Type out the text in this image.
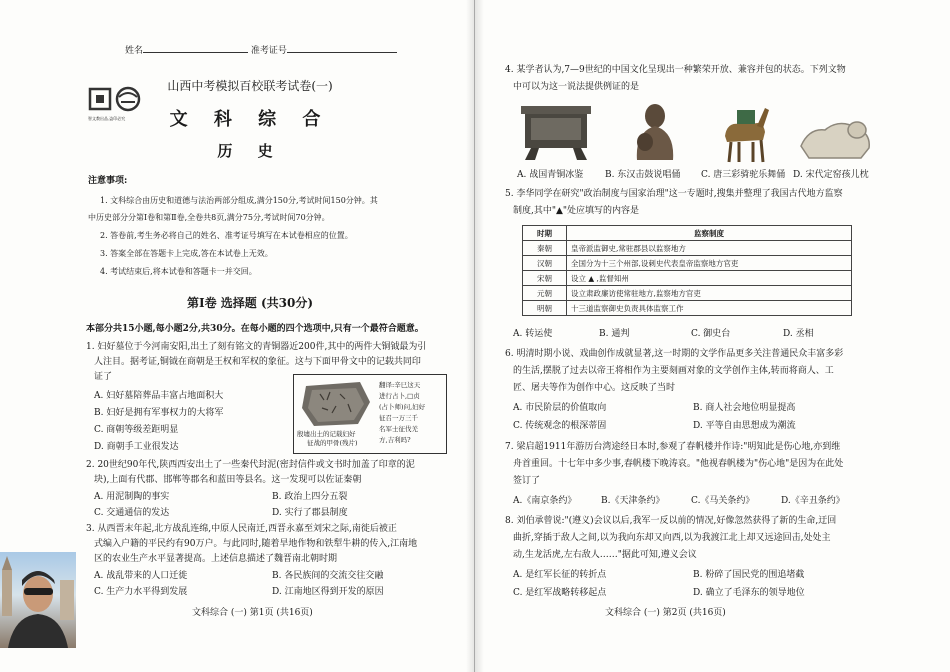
姓名	准考证号
智文教出品,盗印必究
山西中考模拟百校联考试卷(一)
文 科 综 合
历 史
注意事项:
1. 文科综合由历史和道德与法治两部分组成,满分150分,考试时间150分钟。其
中历史部分分第Ⅰ卷和第Ⅱ卷,全卷共8页,满分75分,考试时间70分钟。
2. 答卷前,考生务必将自己的姓名、准考证号填写在本试卷相应的位置。
3. 答案全部在答题卡上完成,答在本试卷上无效。
4. 考试结束后,将本试卷和答题卡一并交回。
第Ⅰ卷 选择题 (共30分)
本部分共15小题,每小题2分,共30分。在每小题的四个选项中,只有一个最符合题意。
1. 妇好墓位于今河南安阳,出土了刻有铭文的青铜器近200件,其中的两件大铜钺最为引
人注目。据考证,铜钺在商朝是王权和军权的象征。这与下面甲骨文中的记载共同印
证了
A. 妇好墓陪葬品丰富占地面积大
B. 妇好是拥有军事权力的大将军
C. 商朝等级差距明显
D. 商朝手工业很发达
殷墟出土的记载妇好
征战的甲骨(残片)
翻译:辛巳这天
进行占卜,□贞
(占卜师)问,妇好
征召一万三千
名军士征伐羌
方,吉利吗?
2. 20世纪90年代,陕西西安出土了一些秦代封泥(密封信件或文书时加盖了印章的泥
块),上面有代郡、邯郸等郡名和蓝田等县名。这一发现可以佐证秦朝
A. 用泥制陶的事实	B. 政治上四分五裂
C. 交通通信的发达	D. 实行了郡县制度
3. 从西晋末年起,北方战乱连绵,中原人民南迁,西晋永嘉至刘宋之际,南徙后被正
式编入户籍的平民约有90万户。与此同时,随着旱地作物和铁犁牛耕的传入,江南地
区的农业生产水平显著提高。上述信息描述了魏晋南北朝时期
A. 战乱带来的人口迁徙	B. 各民族间的交流交往交融
C. 生产力水平得到发展	D. 江南地区得到开发的原因
文科综合 (一) 第1页 (共16页)
4. 某学者认为,7—9世纪的中国文化呈现出一种繁荣开放、兼容并包的状态。下列文物
中可以为这一说法提供例证的是
A. 战国青铜冰鉴 B. 东汉击鼓说唱俑 C. 唐三彩骑驼乐舞俑 D. 宋代定窑孩儿枕
5. 李华同学在研究"政治制度与国家治理"这一专题时,搜集并整理了我国古代地方监察
制度,其中"▲"处应填写的内容是
时期	监察制度
秦朝	皇帝派监御史,常驻郡县以监察地方
汉朝	全国分为十三个州部,设刺史代表皇帝监察地方官吏
宋朝	设立 ▲ ,监督知州
元朝	设立肃政廉访使常驻地方,监察地方官吏
明朝	十三道监察御史负责具体监察工作
A. 转运使	B. 通判	C. 御史台	D. 丞相
6. 明清时期小说、戏曲创作成就显著,这一时期的文学作品更多关注普通民众丰富多彩
的生活,摆脱了过去以帝王将相作为主要刻画对象的文学创作主体,转而将商人、工
匠、屠夫等作为创作中心。这反映了当时
A. 市民阶层的价值取向	B. 商人社会地位明显提高
C. 传统观念的根深蒂固	D. 平等自由思想成为潮流
7. 梁启超1911年游历台湾途经日本时,参观了春帆楼并作诗:"明知此是伤心地,亦到维
舟首重回。十七年中多少事,春帆楼下晚涛哀。"他视春帆楼为"伤心地"是因为在此处
签订了
A.《南京条约》	B.《天津条约》	C.《马关条约》	D.《辛丑条约》
8. 刘伯承曾说:"(遵义)会议以后,我军一反以前的情况,好像忽然获得了新的生命,迂回
曲折,穿插于敌人之间,以为我向东却又向西,以为我渡江北上却又远途回击,处处主
动,生龙活虎,左右敌人……"据此可知,遵义会议
A. 是红军长征的转折点	B. 粉碎了国民党的围追堵截
C. 是红军战略转移起点	D. 确立了毛泽东的领导地位
文科综合 (一) 第2页 (共16页)
